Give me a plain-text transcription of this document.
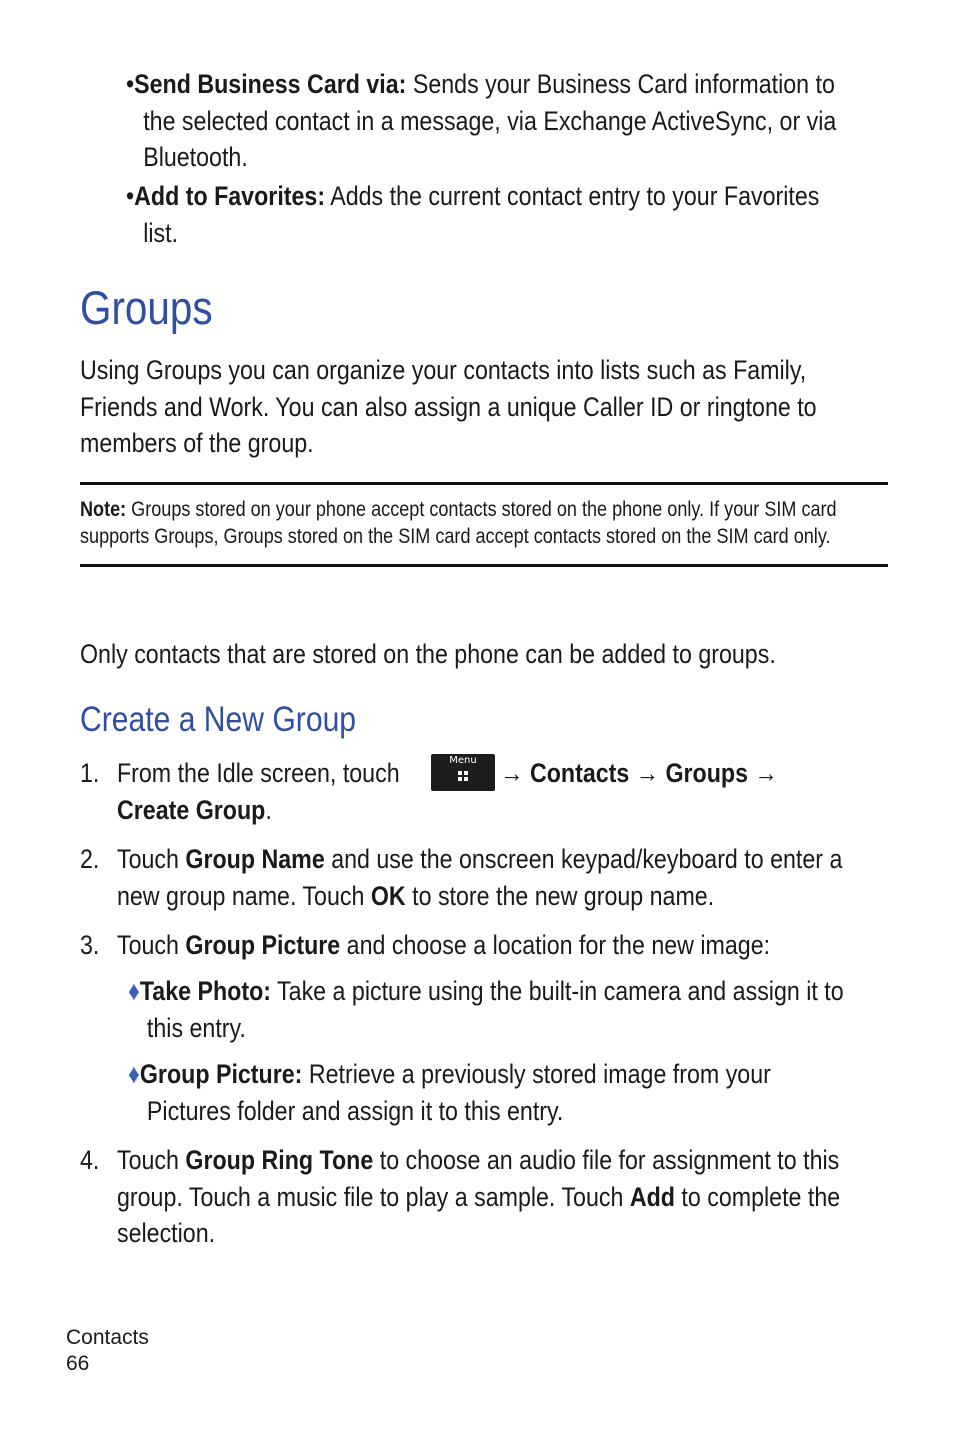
•Send Business Card via: Sends your Business Card information to
the selected contact in a message, via Exchange ActiveSync, or via
Bluetooth.
•Add to Favorites: Adds the current contact entry to your Favorites
list.
Groups
Using Groups you can organize your contacts into lists such as Family,
Friends and Work. You can also assign a unique Caller ID or ringtone to
members of the group.
Note: Groups stored on your phone accept contacts stored on the phone only. If your SIM card
supports Groups, Groups stored on the SIM card accept contacts stored on the SIM card only.
Only contacts that are stored on the phone can be added to groups.
Create a New Group
1. From the Idle screen, touch	→ Contacts → Groups →
Create Group.
Menu
2. Touch Group Name and use the onscreen keypad/keyboard to enter a
new group name. Touch OK to store the new group name.
3. Touch Group Picture and choose a location for the new image:
♦Take Photo: Take a picture using the built-in camera and assign it to
this entry.
♦Group Picture: Retrieve a previously stored image from your
Pictures folder and assign it to this entry.
4. Touch Group Ring Tone to choose an audio file for assignment to this
group. Touch a music file to play a sample. Touch Add to complete the
selection.
Contacts
66
